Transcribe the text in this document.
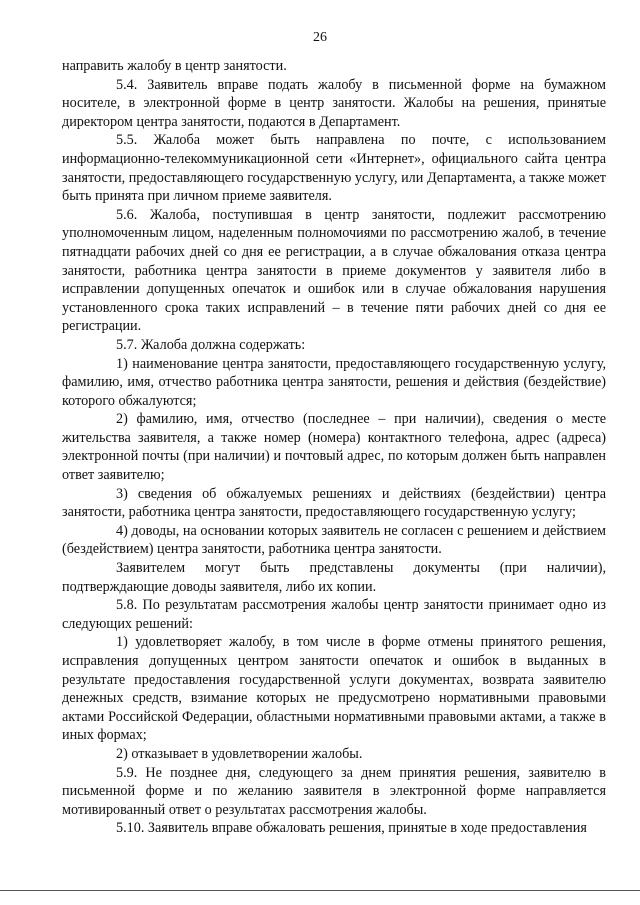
26

направить жалобу в центр занятости.

5.4. Заявитель вправе подать жалобу в письменной форме на бумажном носителе, в электронной форме в центр занятости. Жалобы на решения, принятые директором центра занятости, подаются в Департамент.

5.5. Жалоба может быть направлена по почте, с использованием информационно-телекоммуникационной сети «Интернет», официального сайта центра занятости, предоставляющего государственную услугу, или Департамента, а также может быть принята при личном приеме заявителя.

5.6. Жалоба, поступившая в центр занятости, подлежит рассмотрению уполномоченным лицом, наделенным полномочиями по рассмотрению жалоб, в течение пятнадцати рабочих дней со дня ее регистрации, а в случае обжалования отказа центра занятости, работника центра занятости в приеме документов у заявителя либо в исправлении допущенных опечаток и ошибок или в случае обжалования нарушения установленного срока таких исправлений – в течение пяти рабочих дней со дня ее регистрации.

5.7. Жалоба должна содержать:

1) наименование центра занятости, предоставляющего государственную услугу, фамилию, имя, отчество работника центра занятости, решения и действия (бездействие) которого обжалуются;

2) фамилию, имя, отчество (последнее – при наличии), сведения о месте жительства заявителя, а также номер (номера) контактного телефона, адрес (адреса) электронной почты (при наличии) и почтовый адрес, по которым должен быть направлен ответ заявителю;

3) сведения об обжалуемых решениях и действиях (бездействии) центра занятости, работника центра занятости, предоставляющего государственную услугу;

4) доводы, на основании которых заявитель не согласен с решением и действием (бездействием) центра занятости, работника центра занятости.

Заявителем могут быть представлены документы (при наличии), подтверждающие доводы заявителя, либо их копии.

5.8. По результатам рассмотрения жалобы центр занятости принимает одно из следующих решений:

1) удовлетворяет жалобу, в том числе в форме отмены принятого решения, исправления допущенных центром занятости опечаток и ошибок в выданных в результате предоставления государственной услуги документах, возврата заявителю денежных средств, взимание которых не предусмотрено нормативными правовыми актами Российской Федерации, областными нормативными правовыми актами, а также в иных формах;

2) отказывает в удовлетворении жалобы.

5.9. Не позднее дня, следующего за днем принятия решения, заявителю в письменной форме и по желанию заявителя в электронной форме направляется мотивированный ответ о результатах рассмотрения жалобы.

5.10. Заявитель вправе обжаловать решения, принятые в ходе предоставления
